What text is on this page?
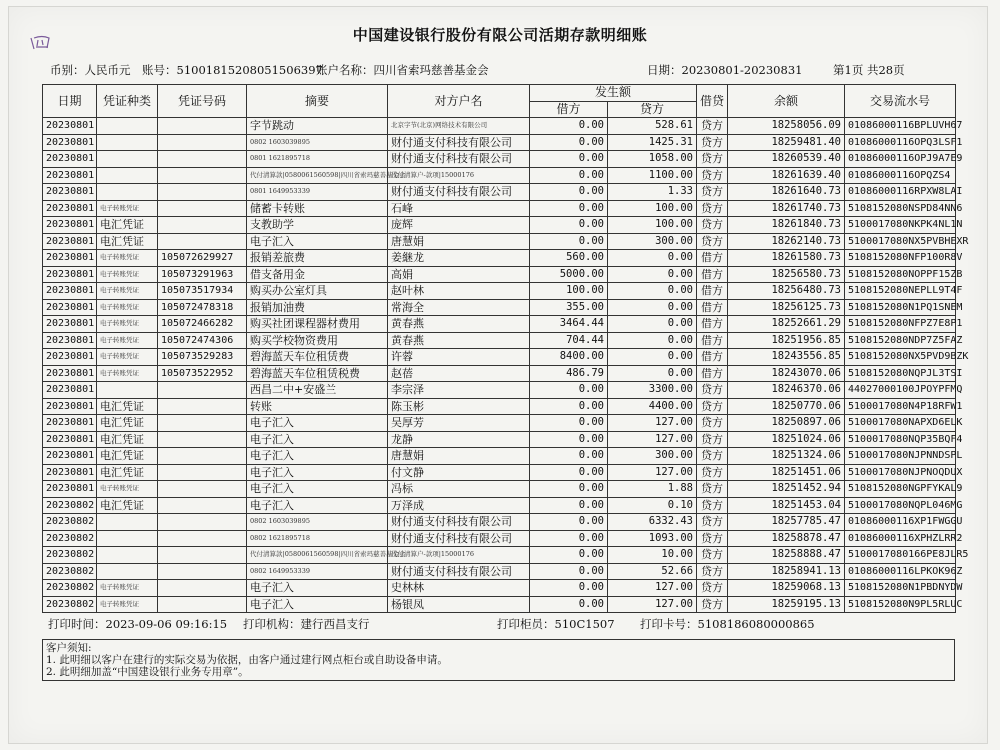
中国建设银行股份有限公司活期存款明细账
币别：人民币元 账号：51001815208051506397
账户名称：四川省索玛慈善基金会	日期：20230801-20230831	第1页 共28页
日期	凭证种类	凭证号码	摘要	对方户名	发生额		借贷	余额	交易流水号
					借方	贷方			
20230801			字节跳动	北京字节(北京)网络技术有限公司	0.00	528.61	贷方	18258056.09	01086000116BPLUVH67
20230801			0802 1603039895	财付通支付科技有限公司	0.00	1425.31	贷方	18259481.40	01086000116OPQ3LSF1
20230801			0801 1621895718	财付通支付科技有限公司	0.00	1058.00	贷方	18260539.40	01086000116OPJ9A7E9
20230801			代付清算款|0580061560598|四川省索玛慈善基金会	代付清算户-款项|15000176	0.00	1100.00	贷方	18261639.40	01086000116OPQZS4
20230801			0801 1649953339	财付通支付科技有限公司	0.00	1.33	贷方	18261640.73	01086000116RPXW8LAI
20230801	电子转账凭证		储蓄卡转账	石峰	0.00	100.00	贷方	18261740.73	5108152080NSPD84NN6
20230801	电汇凭证		支教助学	庞辉	0.00	100.00	贷方	18261840.73	5100017080NKPK4NL1N
20230801	电汇凭证		电子汇入	唐慧娟	0.00	300.00	贷方	18262140.73	5100017080NX5PVBHEXR
20230801	电子转账凭证	105072629927	报销差旅费	姜継龙	560.00	0.00	借方	18261580.73	5108152080NFP100R8V
20230801	电子转账凭证	105073291963	借支备用金	高娟	5000.00	0.00	借方	18256580.73	5108152080NOPPF15ZB
20230801	电子转账凭证	105073517934	购买办公室灯具	赵叶林	100.00	0.00	借方	18256480.73	5108152080NEPLL9T4F
20230801	电子转账凭证	105072478318	报销加油费	常海全	355.00	0.00	借方	18256125.73	5108152080N1PQ1SNEM
20230801	电子转账凭证	105072466282	购买社团课程器材费用	黄春燕	3464.44	0.00	借方	18252661.29	5108152080NFPZ7E8P1
20230801	电子转账凭证	105072474306	购买学校物资费用	黄春燕	704.44	0.00	借方	18251956.85	5108152080NDP7Z5FAZ
20230801	电子转账凭证	105073529283	碧海蓝天车位租赁费	许蓉	8400.00	0.00	借方	18243556.85	5108152080NX5PVD9BZK
20230801	电子转账凭证	105073522952	碧海蓝天车位租赁税费	赵蓓	486.79	0.00	借方	18243070.06	5108152080NQPJL3TSI
20230801			西昌二中+安盛兰	李宗泽	0.00	3300.00	贷方	18246370.06	44027000100JPOYPFMQ
20230801	电汇凭证		转账	陈玉彬	0.00	4400.00	贷方	18250770.06	5100017080N4P18RFW1
20230801	电汇凭证		电子汇入	吴厚芳	0.00	127.00	贷方	18250897.06	5100017080NAPXD6ELK
20230801	电汇凭证		电子汇入	龙静	0.00	127.00	贷方	18251024.06	5100017080NQP35BQF4
20230801	电汇凭证		电子汇入	唐慧娟	0.00	300.00	贷方	18251324.06	5100017080NJPNNDSPL
20230801	电汇凭证		电子汇入	付文静	0.00	127.00	贷方	18251451.06	5100017080NJPNOQDUX
20230801	电子转账凭证		电子汇入	冯标	0.00	1.88	贷方	18251452.94	5108152080NGPFYKAL9
20230802	电汇凭证		电子汇入	万泽成	0.00	0.10	贷方	18251453.04	5100017080NQPL046MG
20230802			0802 1603039895	财付通支付科技有限公司	0.00	6332.43	贷方	18257785.47	01086000116XP1FWGGU
20230802			0802 1621895718	财付通支付科技有限公司	0.00	1093.00	贷方	18258878.47	01086000116XPHZLRR2
20230802			代付清算款|0580061560598|四川省索玛慈善基金会	代付清算户-款项|15000176	0.00	10.00	贷方	18258888.47	5100017080166PE8JLR5
20230802			0802 1649953339	财付通支付科技有限公司	0.00	52.66	贷方	18258941.13	01086000116LPKOK96Z
20230802	电子转账凭证		电子汇入	史林林	0.00	127.00	贷方	18259068.13	5108152080N1PBDNYDW
20230802	电子转账凭证		电子汇入	杨银凤	0.00	127.00	贷方	18259195.13	5108152080N9PL5RLUC
打印时间：2023-09-06 09:16:15 打印机构：建行西昌支行	打印柜员：510C1507 打印卡号：5108186080000865
客户须知:
1. 此明细以客户在建行的实际交易为依据，由客户通过建行网点柜台或自助设备申请。
2. 此明细加盖“中国建设银行业务专用章”。
